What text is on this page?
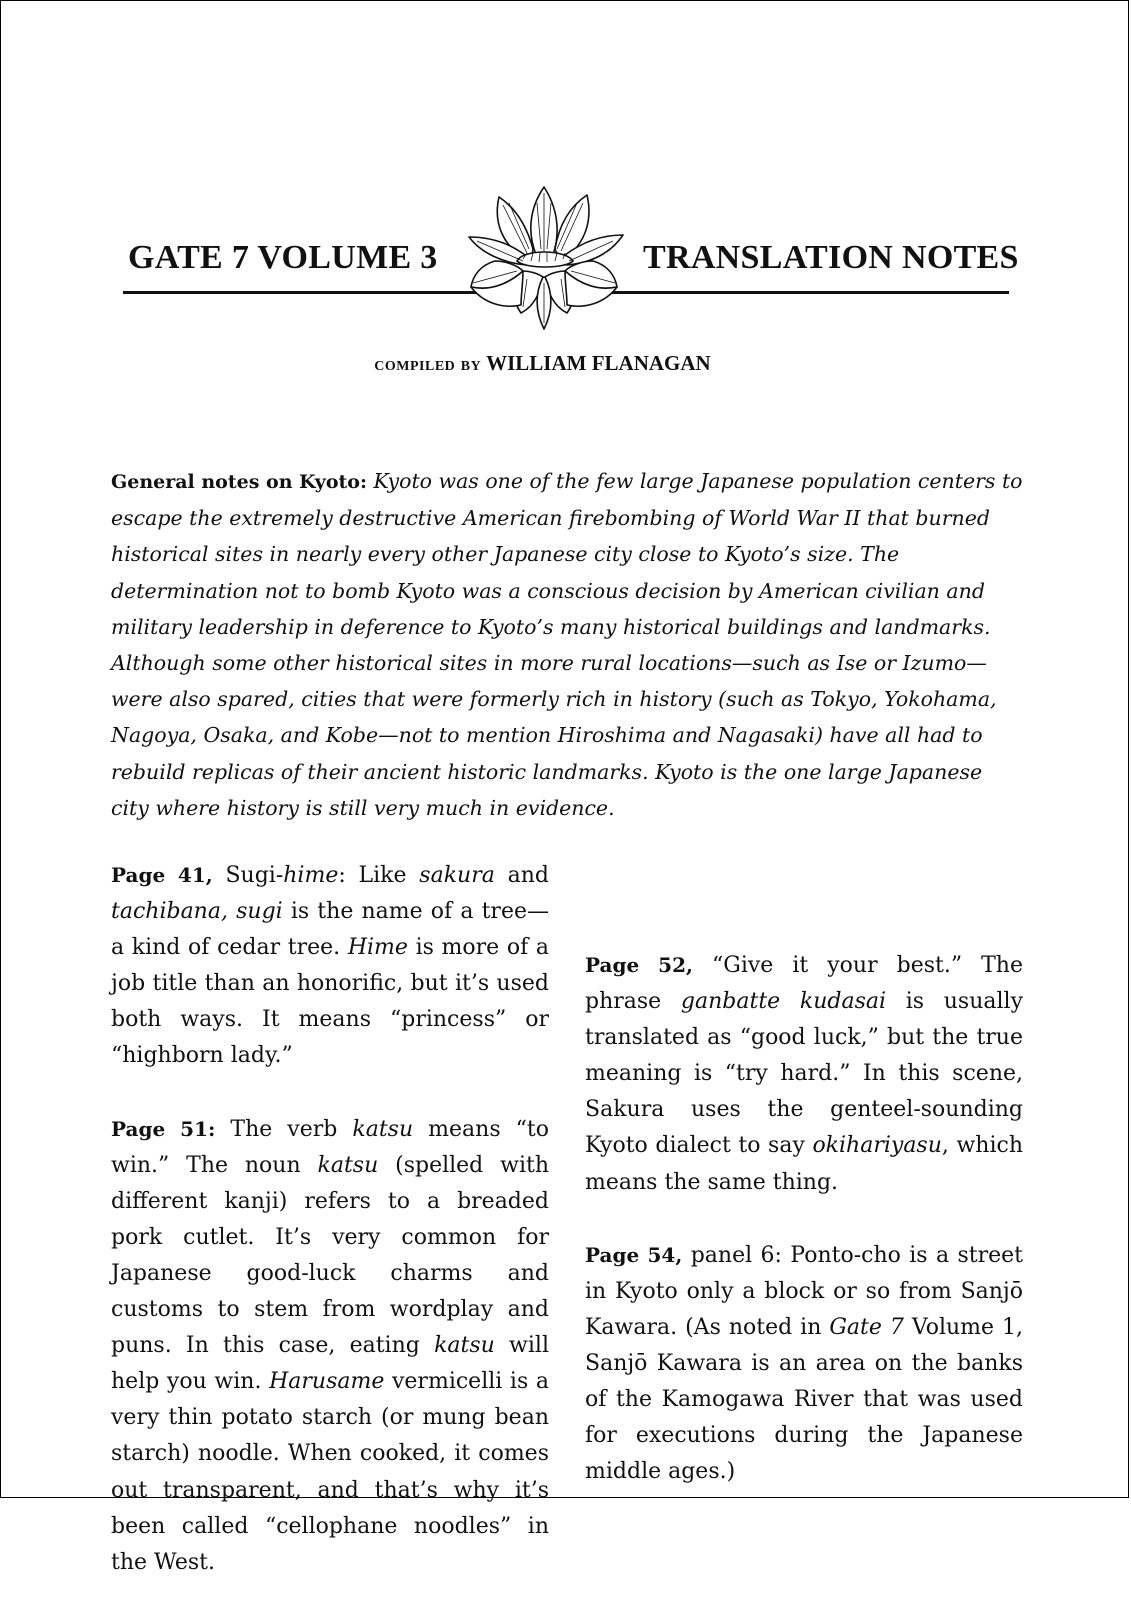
GATE 7 VOLUME 3	TRANSLATION NOTES
compiled by WILLIAM FLANAGAN

General notes on Kyoto: Kyoto was one of the few large Japanese population centers to escape the extremely destructive American firebombing of World War II that burned historical sites in nearly every other Japanese city close to Kyoto’s size. The determination not to bomb Kyoto was a conscious decision by American civilian and military leadership in deference to Kyoto’s many historical buildings and landmarks. Although some other historical sites in more rural locations—such as Ise or Izumo—were also spared, cities that were formerly rich in history (such as Tokyo, Yokohama, Nagoya, Osaka, and Kobe—not to mention Hiroshima and Nagasaki) have all had to rebuild replicas of their ancient historic landmarks. Kyoto is the one large Japanese city where history is still very much in evidence.

Page 41, Sugi-hime: Like sakura and tachibana, sugi is the name of a tree—a kind of cedar tree. Hime is more of a job title than an honorific, but it’s used both ways. It means “princess” or “highborn lady.”

Page 51: The verb katsu means “to win.” The noun katsu (spelled with different kanji) refers to a breaded pork cutlet. It’s very common for Japanese good-luck charms and customs to stem from wordplay and puns. In this case, eating katsu will help you win. Harusame vermicelli is a very thin potato starch (or mung bean starch) noodle. When cooked, it comes out transparent, and that’s why it’s been called “cellophane noodles” in the West.

Page 52, “Give it your best.” The phrase ganbatte kudasai is usually translated as “good luck,” but the true meaning is “try hard.” In this scene, Sakura uses the genteel-sounding Kyoto dialect to say okihariyasu, which means the same thing.

Page 54, panel 6: Ponto-cho is a street in Kyoto only a block or so from Sanjō Kawara. (As noted in Gate 7 Volume 1, Sanjō Kawara is an area on the banks of the Kamogawa River that was used for executions during the Japanese middle ages.)
